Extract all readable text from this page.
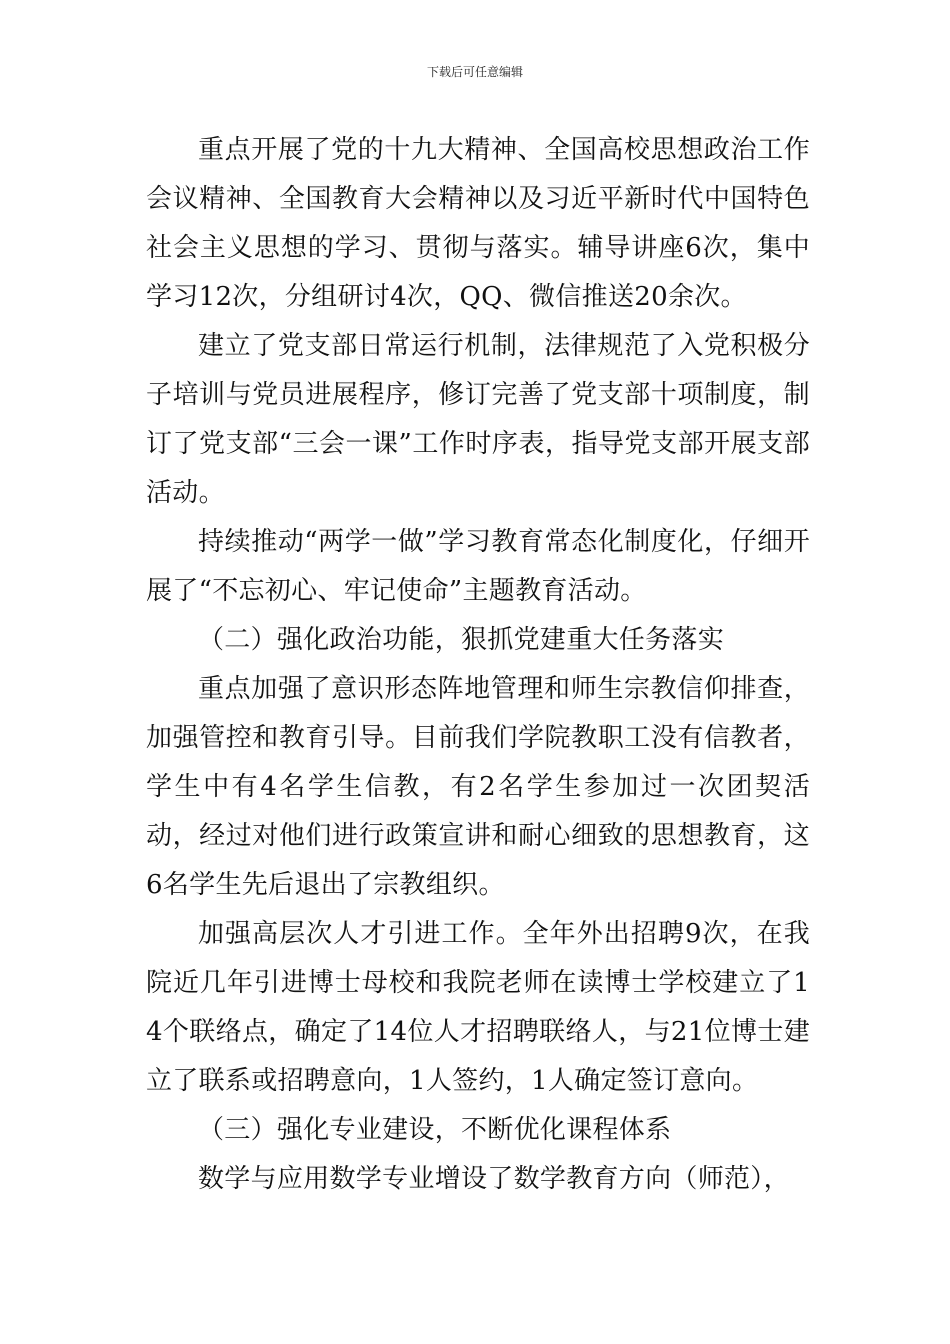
下载后可任意编辑

重点开展了党的十九大精神、全国高校思想政治工作会议精神、全国教育大会精神以及习近平新时代中国特色社会主义思想的学习、贯彻与落实。辅导讲座6次，集中学习12次，分组研讨4次，QQ、微信推送20余次。

建立了党支部日常运行机制，法律规范了入党积极分子培训与党员进展程序，修订完善了党支部十项制度，制订了党支部“三会一课”工作时序表，指导党支部开展支部活动。

持续推动“两学一做”学习教育常态化制度化，仔细开展了“不忘初心、牢记使命”主题教育活动。

（二）强化政治功能，狠抓党建重大任务落实

重点加强了意识形态阵地管理和师生宗教信仰排查，加强管控和教育引导。目前我们学院教职工没有信教者，学生中有4名学生信教，有2名学生参加过一次团契活动，经过对他们进行政策宣讲和耐心细致的思想教育，这6名学生先后退出了宗教组织。

加强高层次人才引进工作。全年外出招聘9次，在我院近几年引进博士母校和我院老师在读博士学校建立了14个联络点，确定了14位人才招聘联络人，与21位博士建立了联系或招聘意向，1人签约，1人确定签订意向。

（三）强化专业建设，不断优化课程体系

数学与应用数学专业增设了数学教育方向（师范），
